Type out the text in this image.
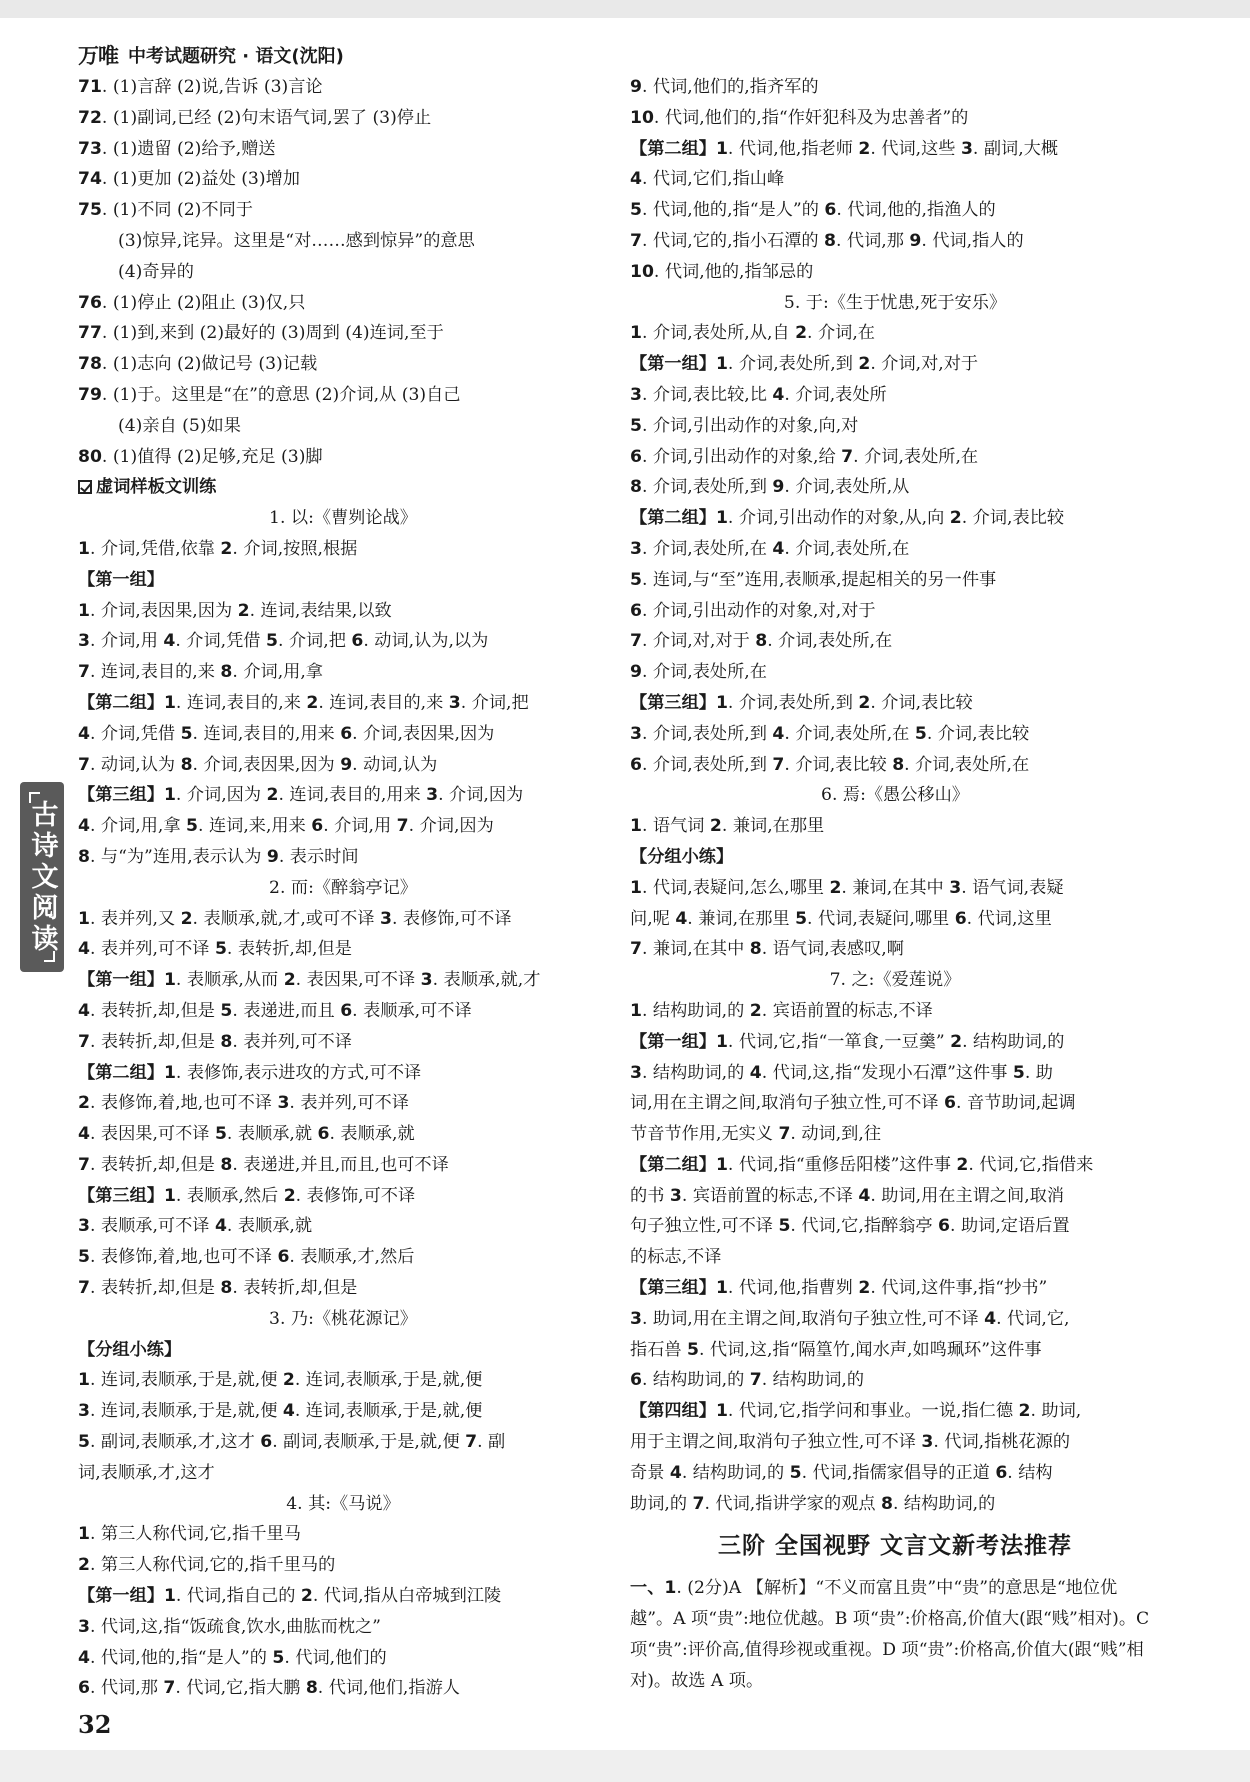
万唯 中考试题研究 · 语文(沈阳)
71. (1)言辞 (2)说,告诉 (3)言论
72. (1)副词,已经 (2)句末语气词,罢了 (3)停止
73. (1)遗留 (2)给予,赠送
74. (1)更加 (2)益处 (3)增加
75. (1)不同 (2)不同于
(3)惊异,诧异。这里是“对……感到惊异”的意思
(4)奇异的
76. (1)停止 (2)阻止 (3)仅,只
77. (1)到,来到 (2)最好的 (3)周到 (4)连词,至于
78. (1)志向 (2)做记号 (3)记载
79. (1)于。这里是“在”的意思 (2)介词,从 (3)自己
(4)亲自 (5)如果
80. (1)值得 (2)足够,充足 (3)脚
虚词样板文训练
1. 以:《曹刿论战》
1. 介词,凭借,依靠 2. 介词,按照,根据
【第一组】
1. 介词,表因果,因为 2. 连词,表结果,以致
3. 介词,用 4. 介词,凭借 5. 介词,把 6. 动词,认为,以为
7. 连词,表目的,来 8. 介词,用,拿
【第二组】1. 连词,表目的,来 2. 连词,表目的,来 3. 介词,把
4. 介词,凭借 5. 连词,表目的,用来 6. 介词,表因果,因为
7. 动词,认为 8. 介词,表因果,因为 9. 动词,认为
【第三组】1. 介词,因为 2. 连词,表目的,用来 3. 介词,因为
4. 介词,用,拿 5. 连词,来,用来 6. 介词,用 7. 介词,因为
8. 与“为”连用,表示认为 9. 表示时间
2. 而:《醉翁亭记》
1. 表并列,又 2. 表顺承,就,才,或可不译 3. 表修饰,可不译
4. 表并列,可不译 5. 表转折,却,但是
【第一组】1. 表顺承,从而 2. 表因果,可不译 3. 表顺承,就,才
4. 表转折,却,但是 5. 表递进,而且 6. 表顺承,可不译
7. 表转折,却,但是 8. 表并列,可不译
【第二组】1. 表修饰,表示进攻的方式,可不译
2. 表修饰,着,地,也可不译 3. 表并列,可不译
4. 表因果,可不译 5. 表顺承,就 6. 表顺承,就
7. 表转折,却,但是 8. 表递进,并且,而且,也可不译
【第三组】1. 表顺承,然后 2. 表修饰,可不译
3. 表顺承,可不译 4. 表顺承,就
5. 表修饰,着,地,也可不译 6. 表顺承,才,然后
7. 表转折,却,但是 8. 表转折,却,但是
3. 乃:《桃花源记》
【分组小练】
1. 连词,表顺承,于是,就,便 2. 连词,表顺承,于是,就,便
3. 连词,表顺承,于是,就,便 4. 连词,表顺承,于是,就,便
5. 副词,表顺承,才,这才 6. 副词,表顺承,于是,就,便 7. 副
词,表顺承,才,这才
4. 其:《马说》
1. 第三人称代词,它,指千里马
2. 第三人称代词,它的,指千里马的
【第一组】1. 代词,指自己的 2. 代词,指从白帝城到江陵
3. 代词,这,指“饭疏食,饮水,曲肱而枕之”
4. 代词,他的,指“是人”的 5. 代词,他们的
6. 代词,那 7. 代词,它,指大鹏 8. 代词,他们,指游人
9. 代词,他们的,指齐军的
10. 代词,他们的,指“作奸犯科及为忠善者”的
【第二组】1. 代词,他,指老师 2. 代词,这些 3. 副词,大概
4. 代词,它们,指山峰
5. 代词,他的,指“是人”的 6. 代词,他的,指渔人的
7. 代词,它的,指小石潭的 8. 代词,那 9. 代词,指人的
10. 代词,他的,指邹忌的
5. 于:《生于忧患,死于安乐》
1. 介词,表处所,从,自 2. 介词,在
【第一组】1. 介词,表处所,到 2. 介词,对,对于
3. 介词,表比较,比 4. 介词,表处所
5. 介词,引出动作的对象,向,对
6. 介词,引出动作的对象,给 7. 介词,表处所,在
8. 介词,表处所,到 9. 介词,表处所,从
【第二组】1. 介词,引出动作的对象,从,向 2. 介词,表比较
3. 介词,表处所,在 4. 介词,表处所,在
5. 连词,与“至”连用,表顺承,提起相关的另一件事
6. 介词,引出动作的对象,对,对于
7. 介词,对,对于 8. 介词,表处所,在
9. 介词,表处所,在
【第三组】1. 介词,表处所,到 2. 介词,表比较
3. 介词,表处所,到 4. 介词,表处所,在 5. 介词,表比较
6. 介词,表处所,到 7. 介词,表比较 8. 介词,表处所,在
6. 焉:《愚公移山》
1. 语气词 2. 兼词,在那里
【分组小练】
1. 代词,表疑问,怎么,哪里 2. 兼词,在其中 3. 语气词,表疑
问,呢 4. 兼词,在那里 5. 代词,表疑问,哪里 6. 代词,这里
7. 兼词,在其中 8. 语气词,表感叹,啊
7. 之:《爱莲说》
1. 结构助词,的 2. 宾语前置的标志,不译
【第一组】1. 代词,它,指“一箪食,一豆羹” 2. 结构助词,的
3. 结构助词,的 4. 代词,这,指“发现小石潭”这件事 5. 助
词,用在主谓之间,取消句子独立性,可不译 6. 音节助词,起调
节音节作用,无实义 7. 动词,到,往
【第二组】1. 代词,指“重修岳阳楼”这件事 2. 代词,它,指借来
的书 3. 宾语前置的标志,不译 4. 助词,用在主谓之间,取消
句子独立性,可不译 5. 代词,它,指醉翁亭 6. 助词,定语后置
的标志,不译
【第三组】1. 代词,他,指曹刿 2. 代词,这件事,指“抄书”
3. 助词,用在主谓之间,取消句子独立性,可不译 4. 代词,它,
指石兽 5. 代词,这,指“隔篁竹,闻水声,如鸣珮环”这件事
6. 结构助词,的 7. 结构助词,的
【第四组】1. 代词,它,指学问和事业。一说,指仁德 2. 助词,
用于主谓之间,取消句子独立性,可不译 3. 代词,指桃花源的
奇景 4. 结构助词,的 5. 代词,指儒家倡导的正道 6. 结构
助词,的 7. 代词,指讲学家的观点 8. 结构助词,的
三阶 全国视野 文言文新考法推荐
一、1. (2分)A 【解析】“不义而富且贵”中“贵”的意思是“地位优越”。A 项“贵”:地位优越。B 项“贵”:价格高,价值大(跟“贱”相对)。C 项“贵”:评价高,值得珍视或重视。D 项“贵”:价格高,价值大(跟“贱”相对)。故选 A 项。
古诗文阅读
32
